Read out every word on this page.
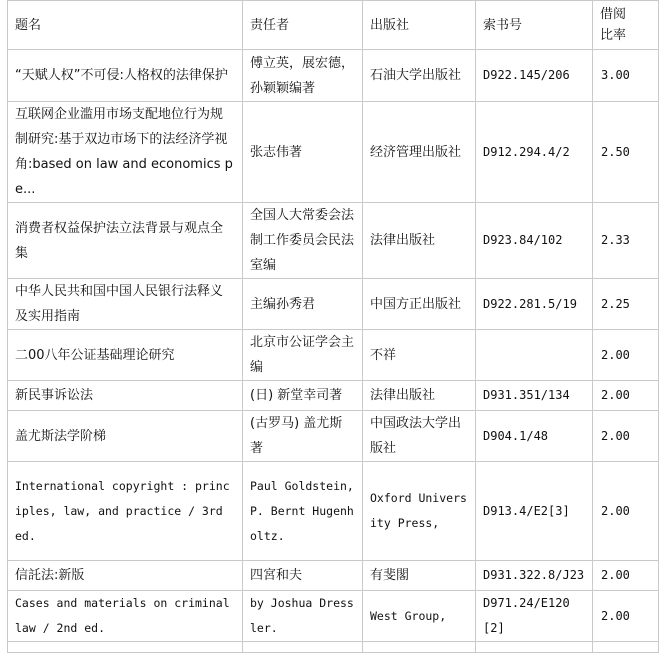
题名	责任者	出版社	索书号	借阅比率
“天赋人权”不可侵:人格权的法律保护	傅立英，展宏德，孙颖颖编著	石油大学出版社	D922.145/206	3.00
互联网企业滥用市场支配地位行为规制研究:基于双边市场下的法经济学视角:based on law and economics pe...	张志伟著	经济管理出版社	D912.294.4/2	2.50
消费者权益保护法立法背景与观点全集	全国人大常委会法制工作委员会民法室编	法律出版社	D923.84/102	2.33
中华人民共和国中国人民银行法释义及实用指南	主编孙秀君	中国方正出版社	D922.281.5/19	2.25
二00八年公证基础理论研究	北京市公证学会主编	不祥		2.00
新民事诉讼法	(日) 新堂幸司著	法律出版社	D931.351/134	2.00
盖尤斯法学阶梯	(古罗马) 盖尤斯著	中国政法大学出版社	D904.1/48	2.00
International copyright : principles, law, and practice / 3rd ed.	Paul Goldstein, P. Bernt Hugenholtz.	Oxford University Press,	D913.4/E2[3]	2.00
信託法:新版	四宮和夫	有斐閣	D931.322.8/J23	2.00
Cases and materials on criminal law / 2nd ed.	by Joshua Dressler.	West Group,	D971.24/E120[2]	2.00
